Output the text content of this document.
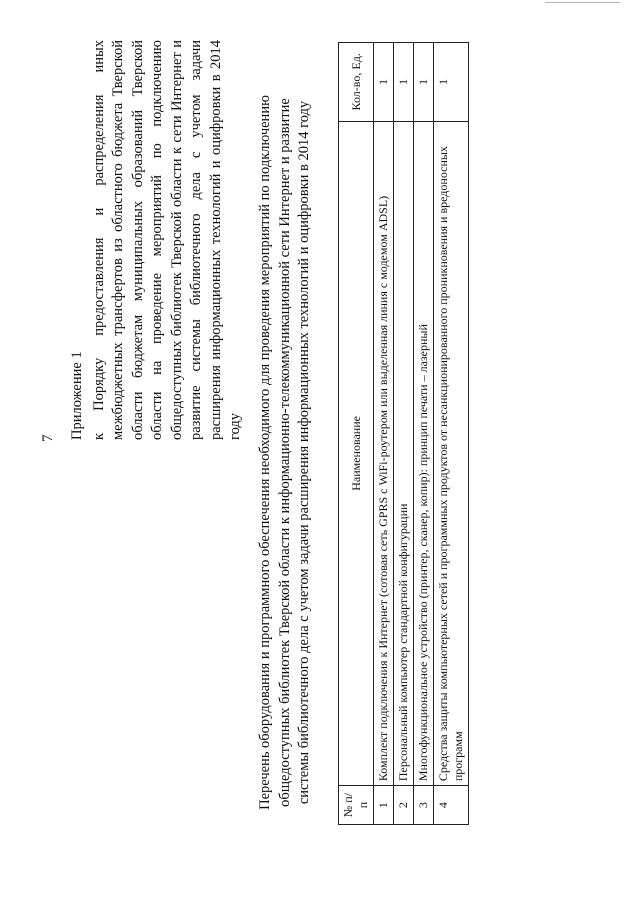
7 Приложение 1 к Порядку предоставления и распределения иных межбюджетных трансфертов из областного бюджета Тверской области бюджетам муниципальных образований Тверской области на проведение мероприятий по подключению общедоступных библиотек Тверской области к сети Интернет и развитие системы библиотечного дела с учетом задачи расширения информационных технологий и оцифровки в 2014 году Перечень оборудования и программного обеспечения необходимого для проведения мероприятий по подключению общедоступных библиотек Тверской области к информационно-телекоммуникационной сети Интернет и развитие системы библиотечного дела с учетом задачи расширения информационных технологий и оцифровки в 2014 году
№ п/п	Наименование	Кол-во, Ед.
1	Комплект подключения к Интернет (сотовая сеть GPRS с WiFi-роутером или выделенная линия с модемом ADSL)	1
2	Персональный компьютер стандартной конфигурации	1
3	Многофункциональное устройство (принтер, сканер, копир): принцип печати – лазерный	1
4	Средства защиты компьютерных сетей и программных продуктов от несанкционированного проникновения и вредоносных программ	1
